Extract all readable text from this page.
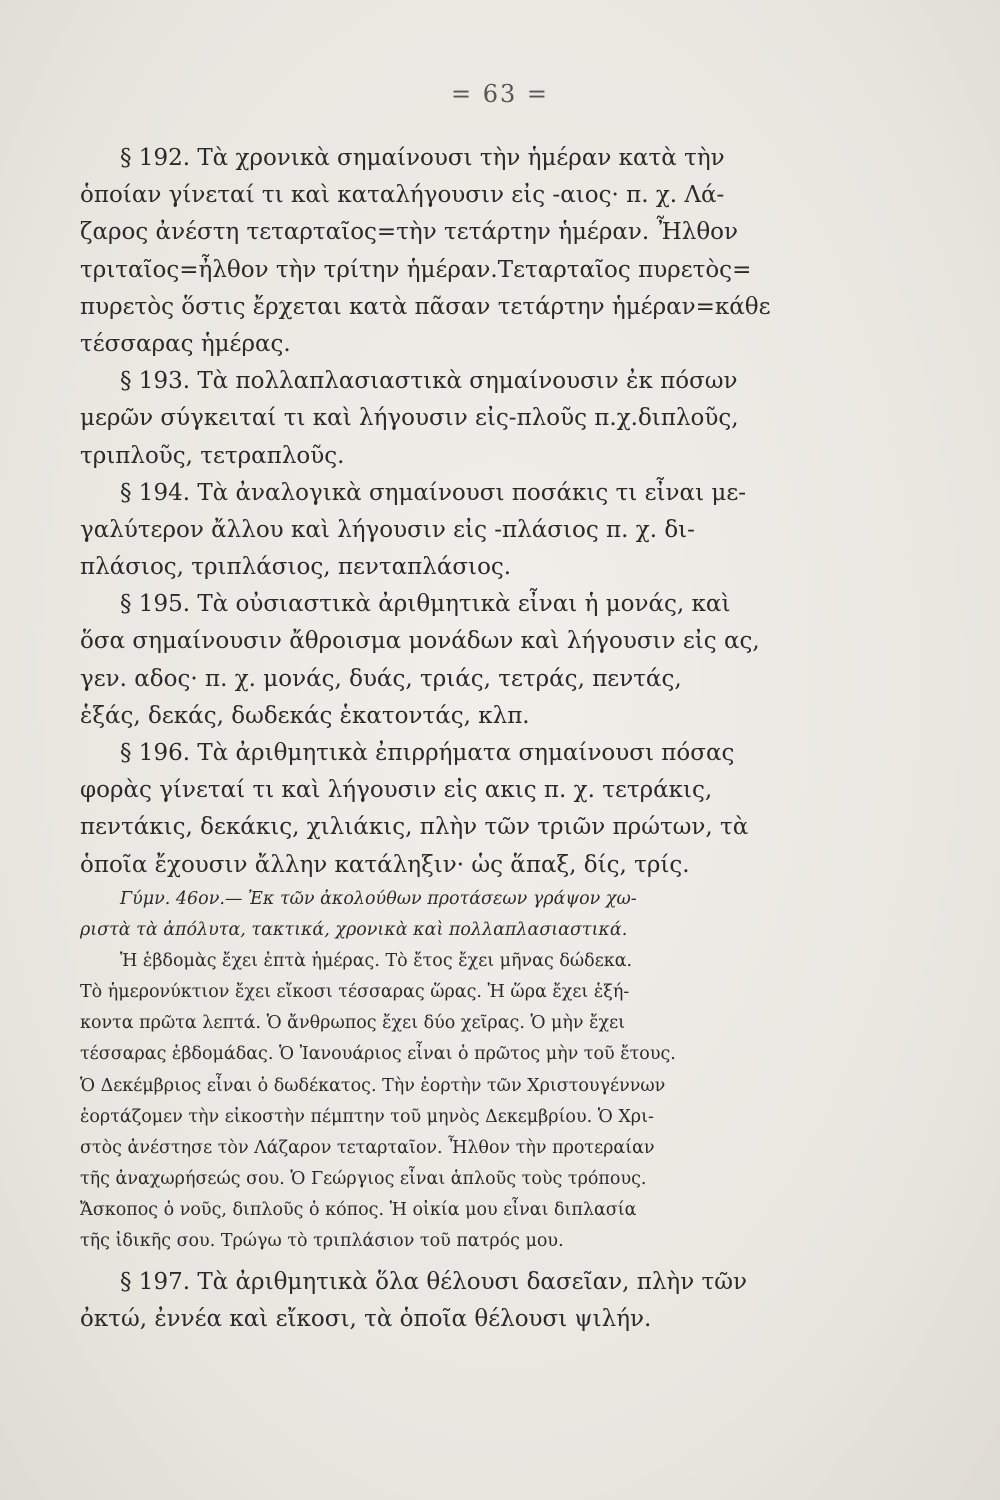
= 63 =
§ 192. Τὰ χρονικὰ σημαίνουσι τὴν ἡμέραν κατὰ τὴν
ὁποίαν γίνεταί τι καὶ καταλήγουσιν εἰς -αιος· π. χ. Λά-
ζαρος ἀνέστη τεταρταῖος=τὴν τετάρτην ἡμέραν. Ἦλθον
τριταῖος=ἦλθον τὴν τρίτην ἡμέραν.Τεταρταῖος πυρετὸς=
πυρετὸς ὅστις ἔρχεται κατὰ πᾶσαν τετάρτην ἡμέραν=κάθε
τέσσαρας ἡμέρας.
§ 193. Τὰ πολλαπλασιαστικὰ σημαίνουσιν ἐκ πόσων
μερῶν σύγκειταί τι καὶ λήγουσιν εἰς-πλοῦς π.χ.διπλοῦς,
τριπλοῦς, τετραπλοῦς.
§ 194. Τὰ ἀναλογικὰ σημαίνουσι ποσάκις τι εἶναι με-
γαλύτερον ἄλλου καὶ λήγουσιν εἰς -πλάσιος π. χ. δι-
πλάσιος, τριπλάσιος, πενταπλάσιος.
§ 195. Τὰ οὐσιαστικὰ ἀριθμητικὰ εἶναι ἡ μονάς, καὶ
ὅσα σημαίνουσιν ἄθροισμα μονάδων καὶ λήγουσιν εἰς ας,
γεν. αδος· π. χ. μονάς, δυάς, τριάς, τετράς, πεντάς,
ἑξάς, δεκάς, δωδεκάς ἑκατοντάς, κλπ.
§ 196. Τὰ ἀριθμητικὰ ἐπιρρήματα σημαίνουσι πόσας
φορὰς γίνεταί τι καὶ λήγουσιν εἰς ακις π. χ. τετράκις,
πεντάκις, δεκάκις, χιλιάκις, πλὴν τῶν τριῶν πρώτων, τὰ
ὁποῖα ἔχουσιν ἄλλην κατάληξιν· ὡς ἅπαξ, δίς, τρίς.
Γύμν. 46ον.— Ἐκ τῶν ἀκολούθων προτάσεων γράψον χω-
ριστὰ τὰ ἀπόλυτα, τακτικά, χρονικὰ καὶ πολλαπλασιαστικά.
Ἡ ἑβδομὰς ἔχει ἑπτὰ ἡμέρας. Τὸ ἔτος ἔχει μῆνας δώδεκα.
Τὸ ἡμερονύκτιον ἔχει εἴκοσι τέσσαρας ὥρας. Ἡ ὥρα ἔχει ἑξή-
κοντα πρῶτα λεπτά. Ὁ ἄνθρωπος ἔχει δύο χεῖρας. Ὁ μὴν ἔχει
τέσσαρας ἑβδομάδας. Ὁ Ἰανουάριος εἶναι ὁ πρῶτος μὴν τοῦ ἔτους.
Ὁ Δεκέμβριος εἶναι ὁ δωδέκατος. Τὴν ἑορτὴν τῶν Χριστουγέννων
ἑορτάζομεν τὴν εἰκοστὴν πέμπτην τοῦ μηνὸς Δεκεμβρίου. Ὁ Χρι-
στὸς ἀνέστησε τὸν Λάζαρον τεταρταῖον. Ἦλθον τὴν προτεραίαν
τῆς ἀναχωρήσεώς σου. Ὁ Γεώργιος εἶναι ἁπλοῦς τοὺς τρόπους.
Ἄσκοπος ὁ νοῦς, διπλοῦς ὁ κόπος. Ἡ οἰκία μου εἶναι διπλασία
τῆς ἰδικῆς σου. Τρώγω τὸ τριπλάσιον τοῦ πατρός μου.
§ 197. Τὰ ἀριθμητικὰ ὅλα θέλουσι δασεῖαν, πλὴν τῶν
ὀκτώ, ἐννέα καὶ εἴκοσι, τὰ ὁποῖα θέλουσι ψιλήν.
